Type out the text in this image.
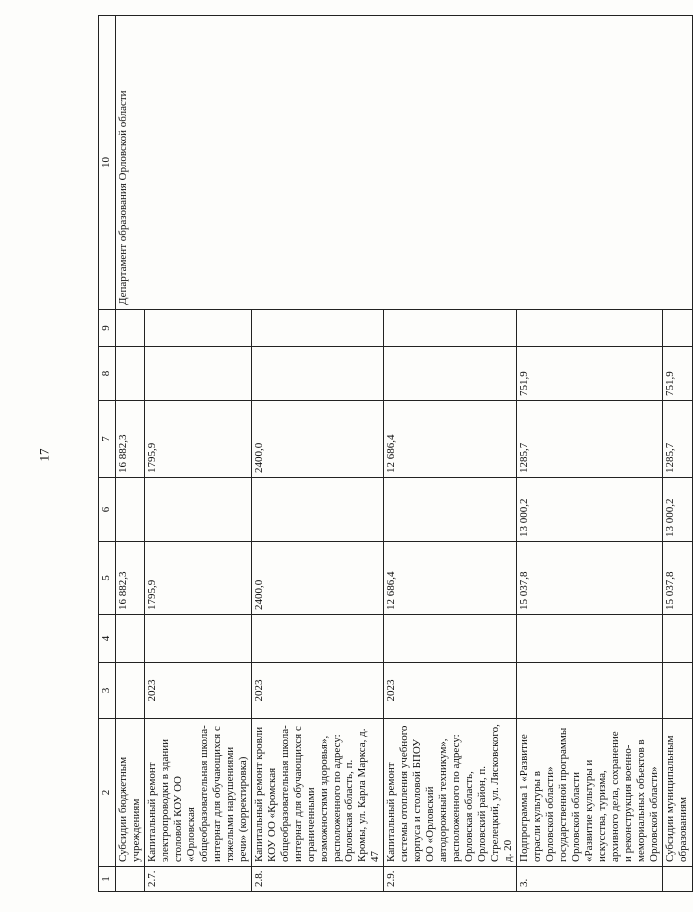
17
1	2	3	4	5	6	7	8	9	10
	Субсидии бюджетным учреждениям			16 882,3		16 882,3			Департамент образования Орловской области
2.7.	Капитальный ремонт электропроводки в здании столовой КОУ ОО «Орловская общеобразовательная школа-интернат для обучающихся с тяжелыми нарушениями речи» (корректировка)	2023		1795,9		1795,9			
2.8.	Капитальный ремонт кровли КОУ ОО «Кромская общеобразовательная школа-интернат для обучающихся с ограниченными возможностями здоровья», расположенного по адресу: Орловская область, п. Кромы, ул. Карла Маркса, д. 47	2023		2400,0		2400,0			
2.9.	Капитальный ремонт системы отопления учебного корпуса и столовой БПОУ ОО «Орловский автодорожный техникум», расположенного по адресу: Орловская область, Орловский район, п. Стрелецкий, ул. Лясковского, д. 20	2023		12 686,4		12 686,4			
3.	Подпрограмма 1 «Развитие отрасли культуры в Орловской области» государственной программы Орловской области «Развитие культуры и искусства, туризма, архивного дела, сохранение и реконструкция военно-мемориальных объектов в Орловской области»			15 037,8	13 000,2	1285,7	751,9		
	Субсидии муниципальным образованиям			15 037,8	13 000,2	1285,7	751,9		
